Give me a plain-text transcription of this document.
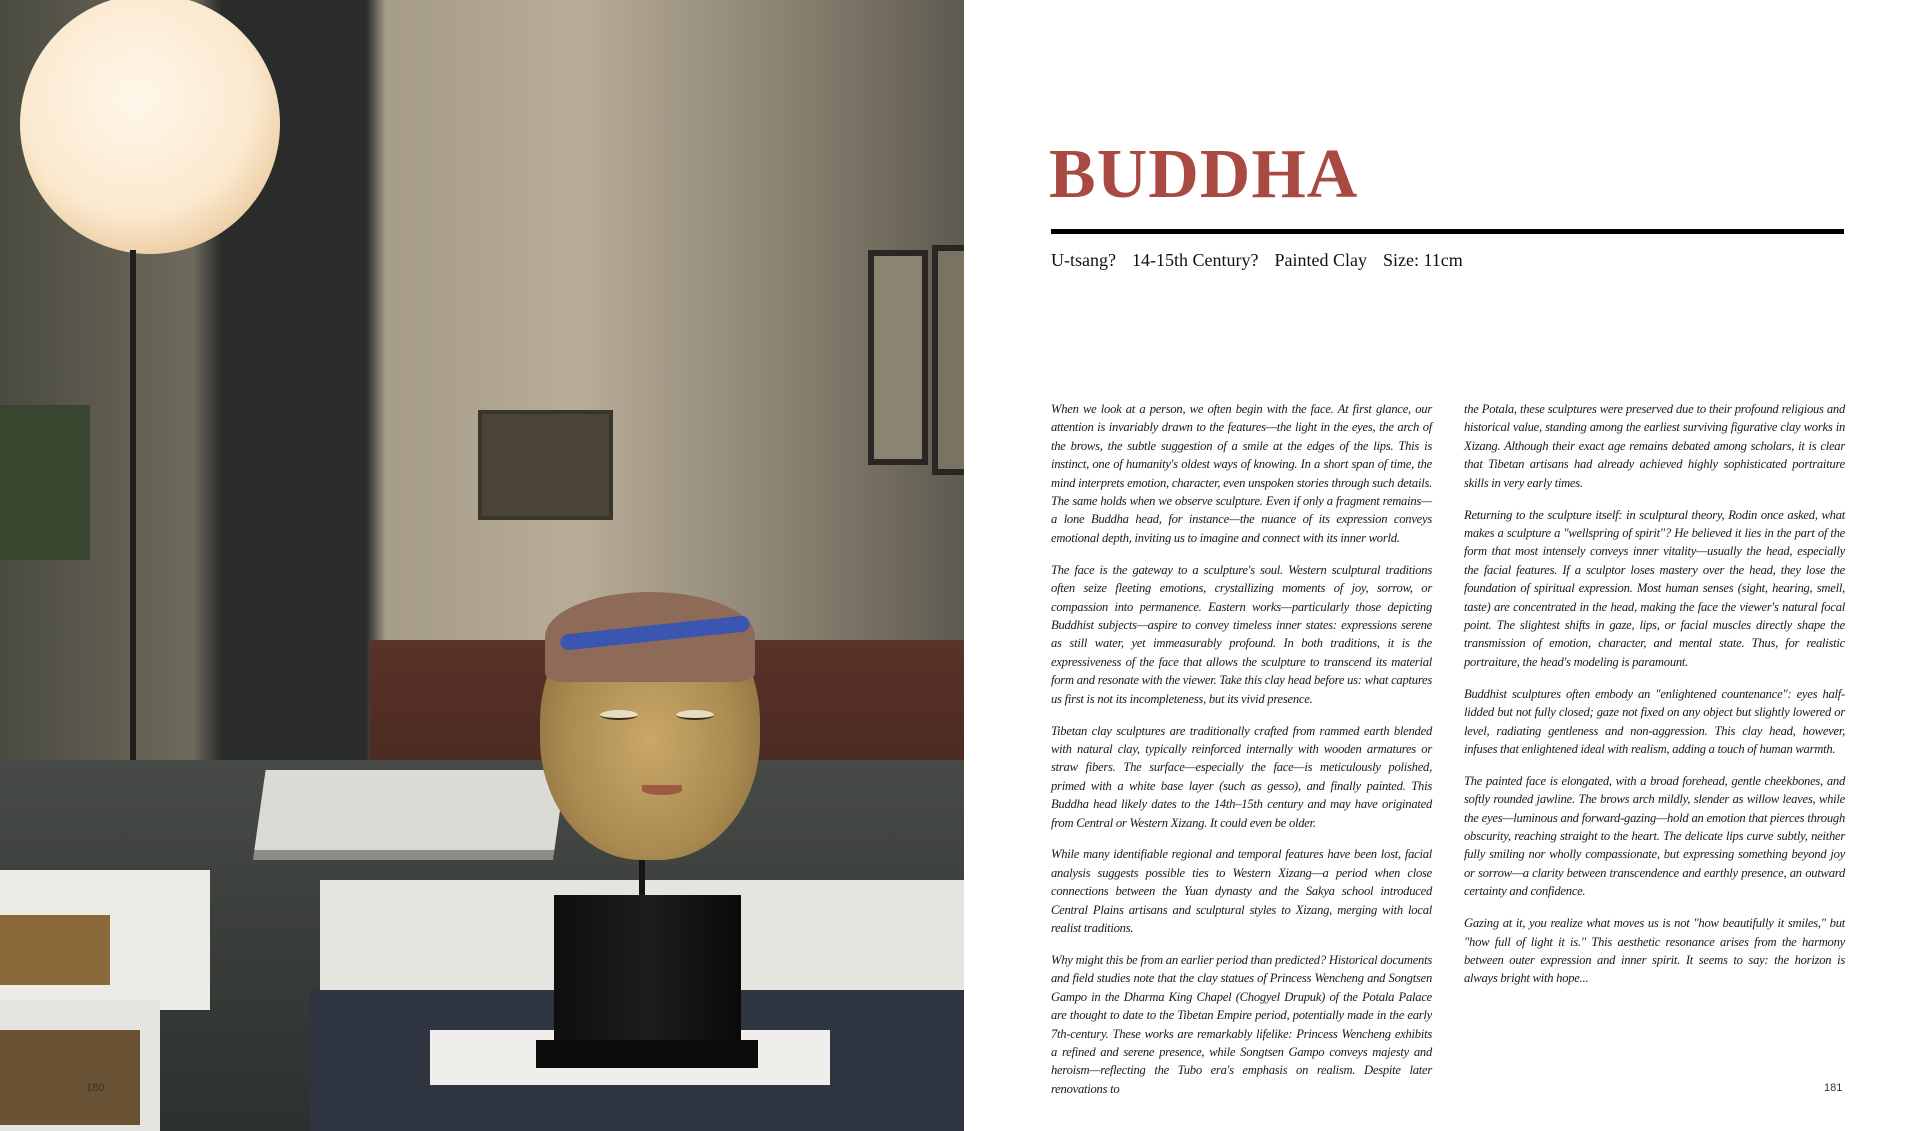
180
BUDDHA
U-tsang? 14-15th Century? Painted Clay Size: 11cm

When we look at a person, we often begin with the face. At first glance, our attention is invariably drawn to the features—the light in the eyes, the arch of the brows, the subtle suggestion of a smile at the edges of the lips. This is instinct, one of humanity's oldest ways of knowing. In a short span of time, the mind interprets emotion, character, even unspoken stories through such details. The same holds when we observe sculpture. Even if only a fragment remains—a lone Buddha head, for instance—the nuance of its expression conveys emotional depth, inviting us to imagine and connect with its inner world.

The face is the gateway to a sculpture's soul. Western sculptural traditions often seize fleeting emotions, crystallizing moments of joy, sorrow, or compassion into permanence. Eastern works—particularly those depicting Buddhist subjects—aspire to convey timeless inner states: expressions serene as still water, yet immeasurably profound. In both traditions, it is the expressiveness of the face that allows the sculpture to transcend its material form and resonate with the viewer. Take this clay head before us: what captures us first is not its incompleteness, but its vivid presence.

Tibetan clay sculptures are traditionally crafted from rammed earth blended with natural clay, typically reinforced internally with wooden armatures or straw fibers. The surface—especially the face—is meticulously polished, primed with a white base layer (such as gesso), and finally painted. This Buddha head likely dates to the 14th–15th century and may have originated from Central or Western Xizang. It could even be older.

While many identifiable regional and temporal features have been lost, facial analysis suggests possible ties to Western Xizang—a period when close connections between the Yuan dynasty and the Sakya school introduced Central Plains artisans and sculptural styles to Xizang, merging with local realist traditions.

Why might this be from an earlier period than predicted? Historical documents and field studies note that the clay statues of Princess Wencheng and Songtsen Gampo in the Dharma King Chapel (Chogyel Drupuk) of the Potala Palace are thought to date to the Tibetan Empire period, potentially made in the early 7th-century. These works are remarkably lifelike: Princess Wencheng exhibits a refined and serene presence, while Songtsen Gampo conveys majesty and heroism—reflecting the Tubo era's emphasis on realism. Despite later renovations to

the Potala, these sculptures were preserved due to their profound religious and historical value, standing among the earliest surviving figurative clay works in Xizang. Although their exact age remains debated among scholars, it is clear that Tibetan artisans had already achieved highly sophisticated portraiture skills in very early times.

Returning to the sculpture itself: in sculptural theory, Rodin once asked, what makes a sculpture a "wellspring of spirit"? He believed it lies in the part of the form that most intensely conveys inner vitality—usually the head, especially the facial features. If a sculptor loses mastery over the head, they lose the foundation of spiritual expression. Most human senses (sight, hearing, smell, taste) are concentrated in the head, making the face the viewer's natural focal point. The slightest shifts in gaze, lips, or facial muscles directly shape the transmission of emotion, character, and mental state. Thus, for realistic portraiture, the head's modeling is paramount.

Buddhist sculptures often embody an "enlightened countenance": eyes half-lidded but not fully closed; gaze not fixed on any object but slightly lowered or level, radiating gentleness and non-aggression. This clay head, however, infuses that enlightened ideal with realism, adding a touch of human warmth.

The painted face is elongated, with a broad forehead, gentle cheekbones, and softly rounded jawline. The brows arch mildly, slender as willow leaves, while the eyes—luminous and forward-gazing—hold an emotion that pierces through obscurity, reaching straight to the heart. The delicate lips curve subtly, neither fully smiling nor wholly compassionate, but expressing something beyond joy or sorrow—a clarity between transcendence and earthly presence, an outward certainty and confidence.

Gazing at it, you realize what moves us is not "how beautifully it smiles," but "how full of light it is." This aesthetic resonance arises from the harmony between outer expression and inner spirit. It seems to say: the horizon is always bright with hope...

181
